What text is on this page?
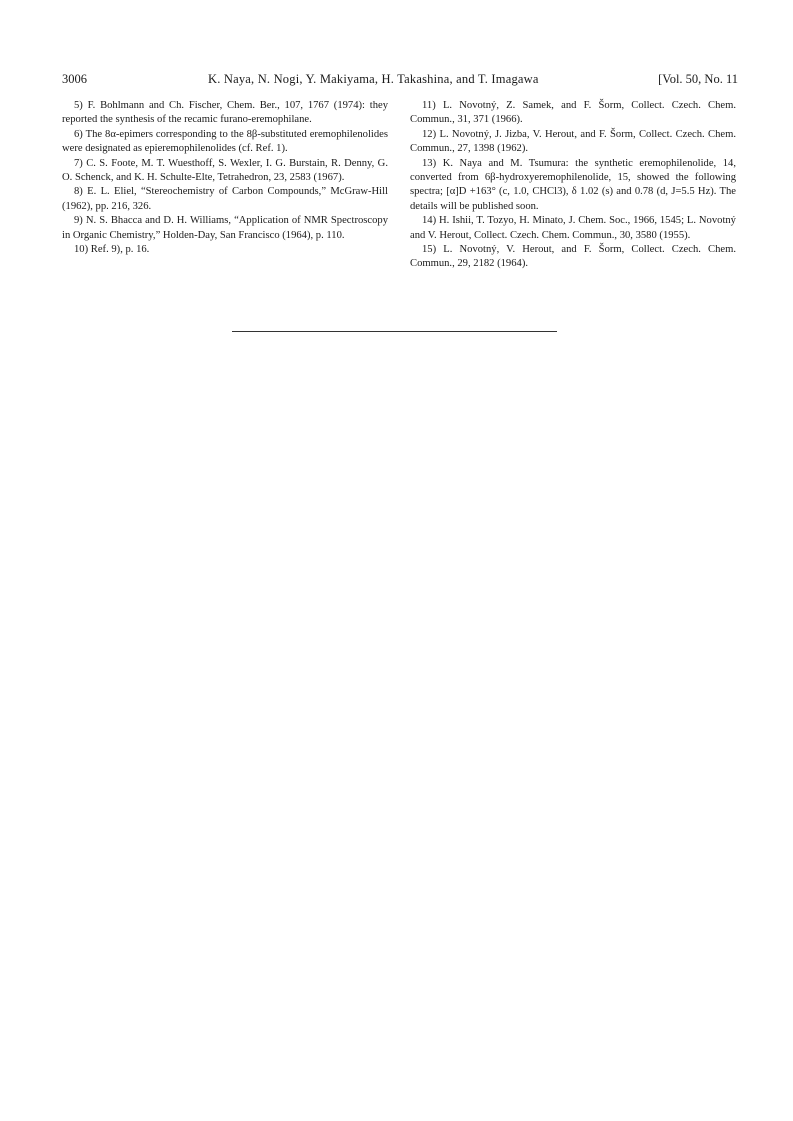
3006	K. Naya, N. Nogi, Y. Makiyama, H. Takashina, and T. Imagawa	[Vol. 50, No. 11

5) F. Bohlmann and Ch. Fischer, Chem. Ber., 107, 1767 (1974): they reported the synthesis of the recamic furano-eremophilane.

6) The 8α-epimers corresponding to the 8β-substituted eremophilenolides were designated as epieremophilenolides (cf. Ref. 1).

7) C. S. Foote, M. T. Wuesthoff, S. Wexler, I. G. Burstain, R. Denny, G. O. Schenck, and K. H. Schulte-Elte, Tetrahedron, 23, 2583 (1967).

8) E. L. Eliel, “Stereochemistry of Carbon Compounds,” McGraw-Hill (1962), pp. 216, 326.

9) N. S. Bhacca and D. H. Williams, “Application of NMR Spectroscopy in Organic Chemistry,” Holden-Day, San Francisco (1964), p. 110.

10) Ref. 9), p. 16.

11) L. Novotný, Z. Samek, and F. Šorm, Collect. Czech. Chem. Commun., 31, 371 (1966).

12) L. Novotný, J. Jizba, V. Herout, and F. Šorm, Collect. Czech. Chem. Commun., 27, 1398 (1962).

13) K. Naya and M. Tsumura: the synthetic eremophilenolide, 14, converted from 6β-hydroxyeremophilenolide, 15, showed the following spectra; [α]D +163° (c, 1.0, CHCl3), δ 1.02 (s) and 0.78 (d, J=5.5 Hz). The details will be published soon.

14) H. Ishii, T. Tozyo, H. Minato, J. Chem. Soc., 1966, 1545; L. Novotný and V. Herout, Collect. Czech. Chem. Commun., 30, 3580 (1955).

15) L. Novotný, V. Herout, and F. Šorm, Collect. Czech. Chem. Commun., 29, 2182 (1964).
